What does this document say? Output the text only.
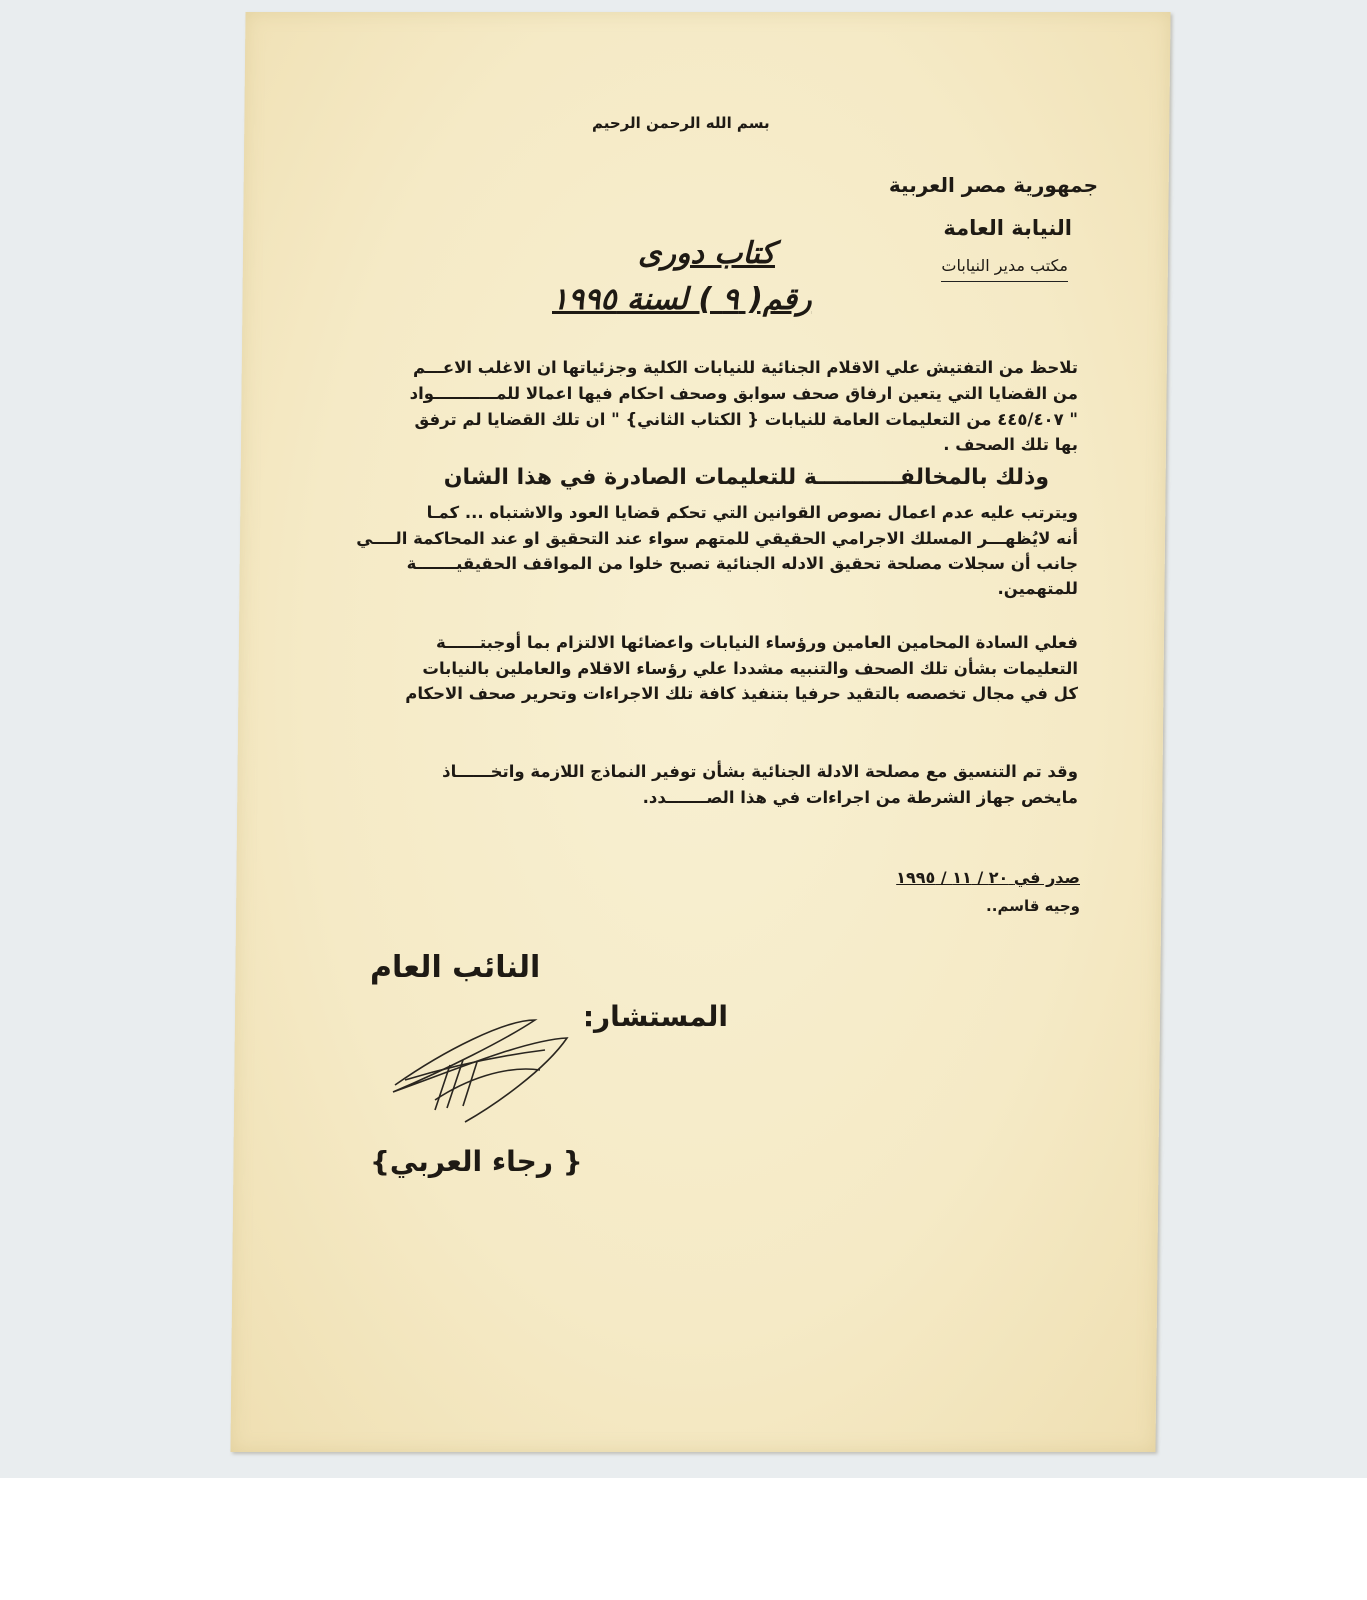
بسم الله الرحمن الرحيم
جمهورية مصر العربية
النيابة العامة
مكتب مدير النيابات
كتاب دورى
رقم( ٩ ) لسنة ١٩٩٥
تلاحظ من التفتيش علي الاقلام الجنائية للنيابات الكلية وجزئياتها ان الاغلب الاعـــم
من القضايا التي يتعين ارفاق صحف سوابق وصحف احكام فيها اعمالا للمـــــــــــواد
" ٤٤٥/٤٠٧ من التعليمات العامة للنيابات { الكتاب الثاني} " ان تلك القضايا لم ترفق
بها تلك الصحف .
وذلك بالمخالفـــــــــــة للتعليمات الصادرة في هذا الشان
ويترتب عليه عدم اعمال نصوص القوانين التي تحكم قضايا العود والاشتباه ... كمـا
أنه لايُظهـــر المسلك الاجرامي الحقيقي للمتهم سواء عند التحقيق او عند المحاكمة الــــي
جانب أن سجلات مصلحة تحقيق الادله الجنائية تصبح خلوا من المواقف الحقيقيـــــــة
للمتهمين.
فعلي السادة المحامين العامين ورؤساء النيابات واعضائها الالتزام بما أوجبتــــــة
التعليمات بشأن تلك الصحف والتنبيه مشددا علي رؤساء الاقلام والعاملين بالنيابات
كل في مجال تخصصه بالتقيد حرفيا بتنفيذ كافة تلك الاجراءات وتحرير صحف الاحكام
وقد تم التنسيق مع مصلحة الادلة الجنائية بشأن توفير النماذج اللازمة واتخــــــاذ
مايخص جهاز الشرطة من اجراءات في هذا الصـــــــدد.
صدر في ٢٠ / ١١ / ١٩٩٥
وجيه قاسم..
النائب العام
المستشار:
{ رجاء العربي}
